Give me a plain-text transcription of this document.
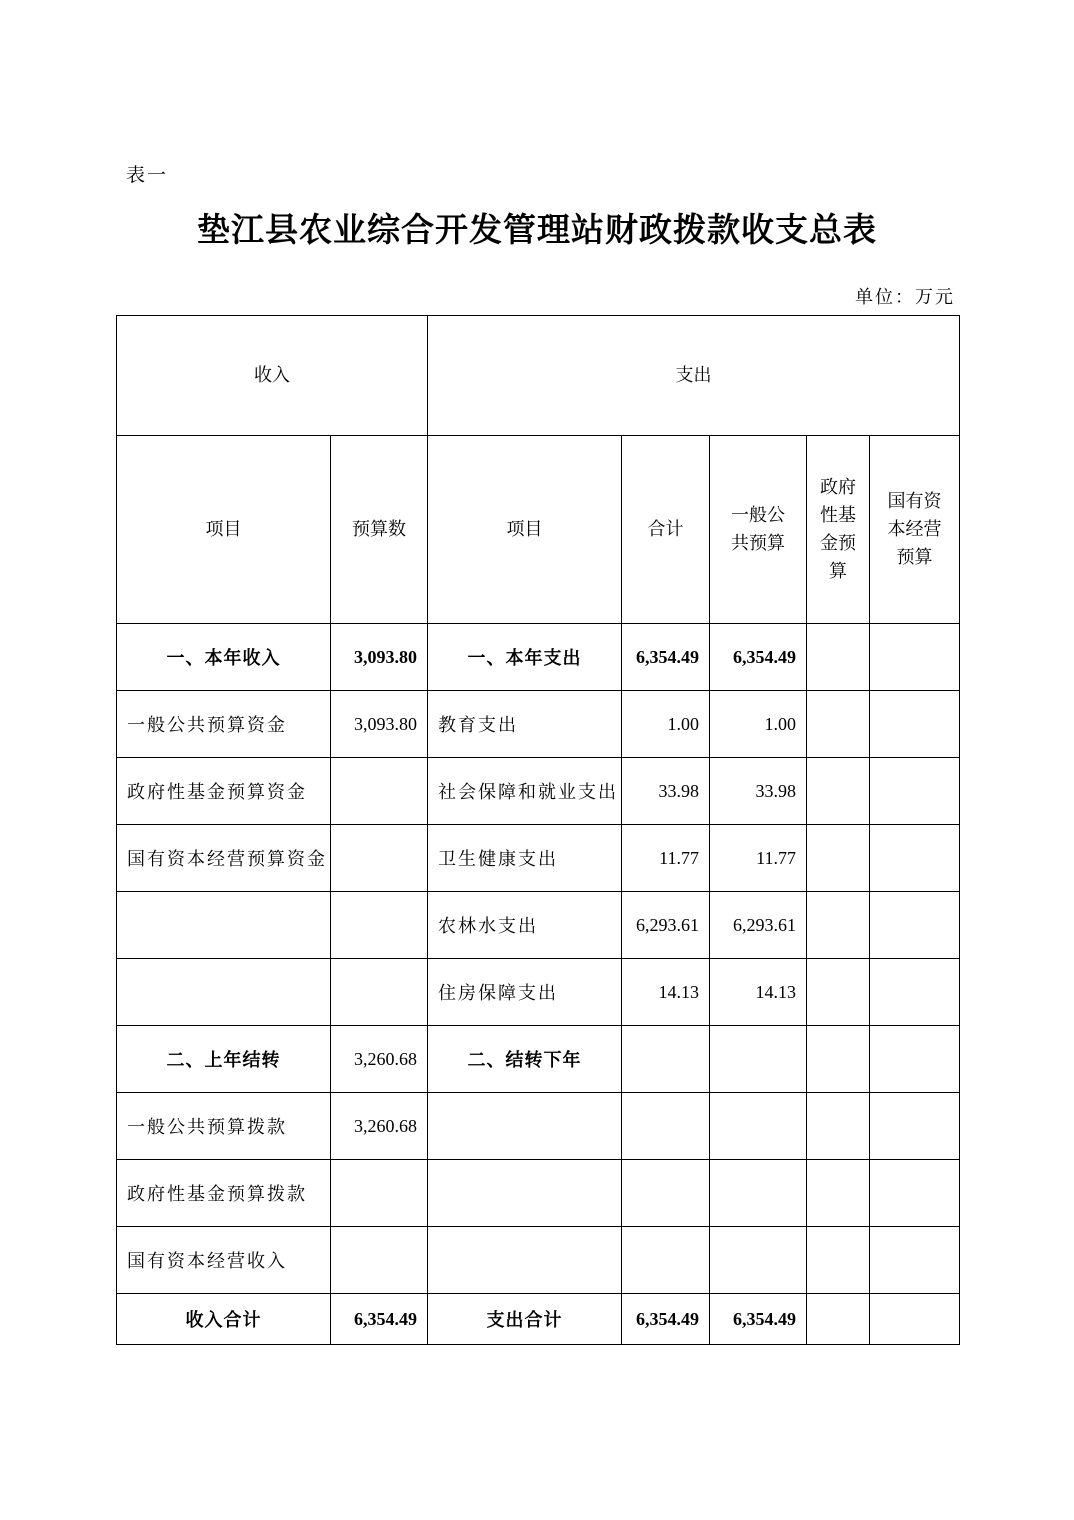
表一
垫江县农业综合开发管理站财政拨款收支总表
单位：万元
收入		支出				
项目	预算数	项目	合计	一般公共预算	政府性基金预算	国有资本经营预算
一、本年收入	3,093.80	一、本年支出	6,354.49	6,354.49		
一般公共预算资金	3,093.80	教育支出	1.00	1.00		
政府性基金预算资金		社会保障和就业支出	33.98	33.98		
国有资本经营预算资金		卫生健康支出	11.77	11.77		
		农林水支出	6,293.61	6,293.61		
		住房保障支出	14.13	14.13		
二、上年结转	3,260.68	二、结转下年				
一般公共预算拨款	3,260.68					
政府性基金预算拨款						
国有资本经营收入						
收入合计	6,354.49	支出合计	6,354.49	6,354.49		
